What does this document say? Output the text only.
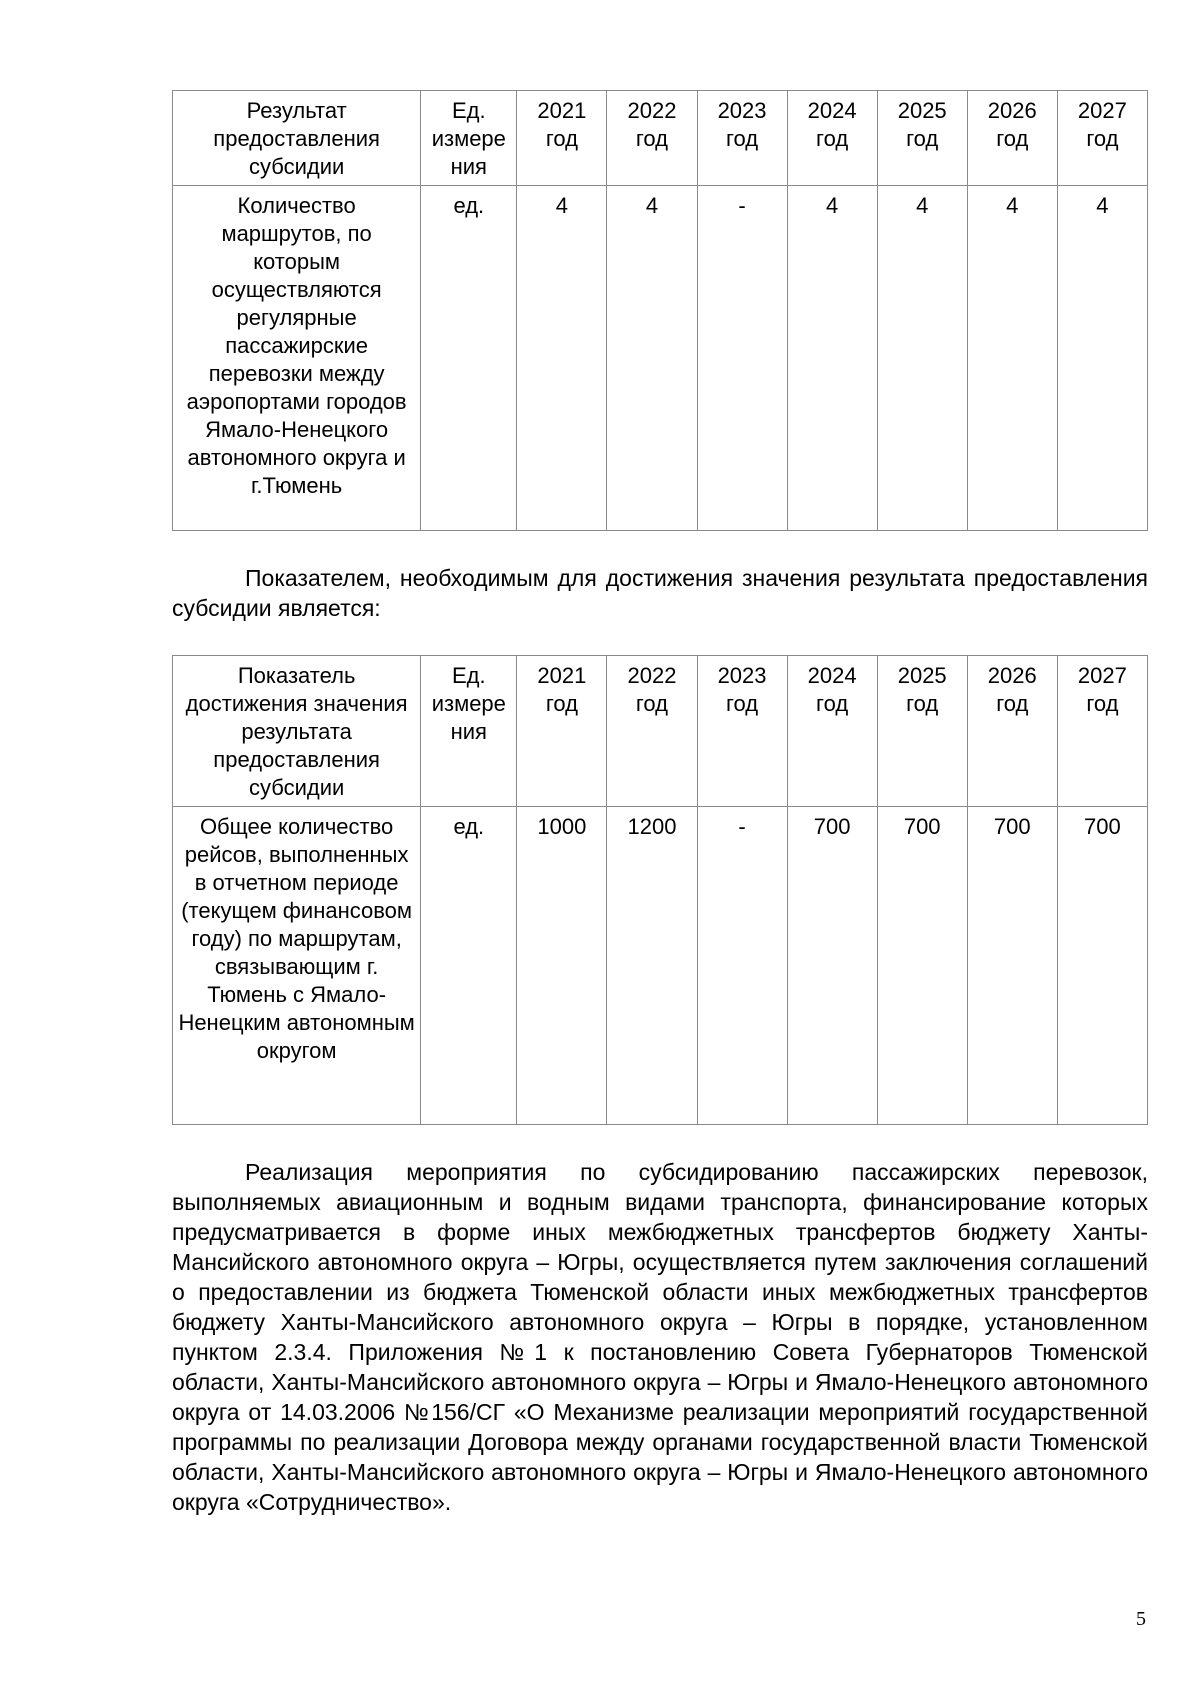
Результат предоставления субсидии	Ед. измере ния	2021 год	2022 год	2023 год	2024 год	2025 год	2026 год	2027 год
Количество маршрутов, по которым осуществляются регулярные пассажирские перевозки между аэропортами городов Ямало-Ненецкого автономного округа и г.Тюмень	ед.	4	4	-	4	4	4	4

Показателем, необходимым для достижения значения результата предоставления субсидии является:

Показатель достижения значения результата предоставления субсидии	Ед. измере ния	2021 год	2022 год	2023 год	2024 год	2025 год	2026 год	2027 год
Общее количество рейсов, выполненных в отчетном периоде (текущем финансовом году) по маршрутам, связывающим г. Тюмень с Ямало-Ненецким автономным округом	ед.	1000	1200	-	700	700	700	700

Реализация мероприятия по субсидированию пассажирских перевозок, выполняемых авиационным и водным видами транспорта, финансирование которых предусматривается в форме иных межбюджетных трансфертов бюджету Ханты-Мансийского автономного округа – Югры, осуществляется путем заключения соглашений о предоставлении из бюджета Тюменской области иных межбюджетных трансфертов бюджету Ханты-Мансийского автономного округа – Югры в порядке, установленном пунктом 2.3.4. Приложения №1 к постановлению Совета Губернаторов Тюменской области, Ханты-Мансийского автономного округа – Югры и Ямало-Ненецкого автономного округа от 14.03.2006 №156/СГ «О Механизме реализации мероприятий государственной программы по реализации Договора между органами государственной власти Тюменской области, Ханты-Мансийского автономного округа – Югры и Ямало-Ненецкого автономного округа «Сотрудничество».

5
